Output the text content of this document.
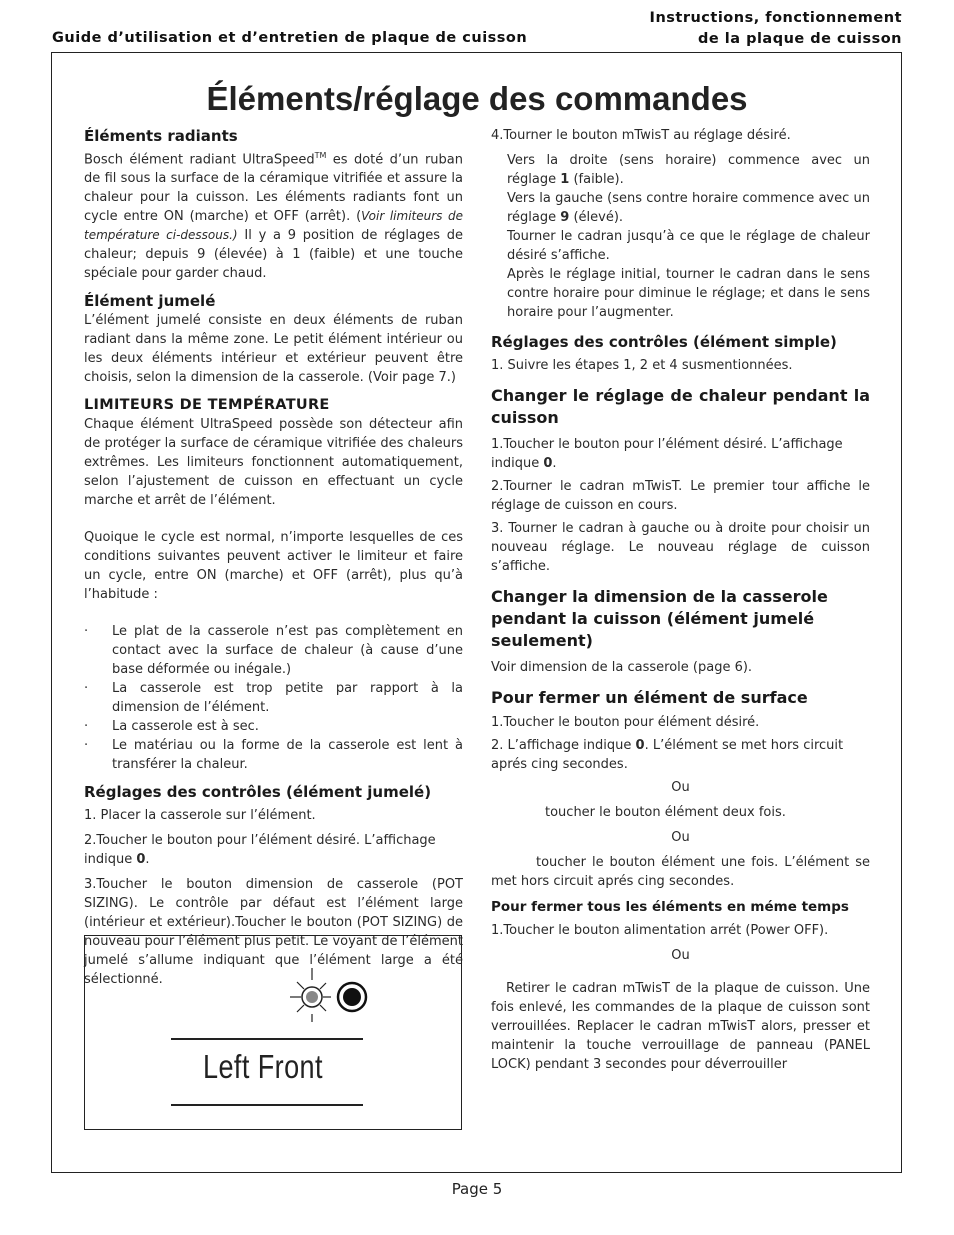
Guide d’utilisation et d’entretien de plaque de cuisson
Instructions, fonctionnement
de la plaque de cuisson
Éléments/réglage des commandes

Éléments radiants

Bosch élément radiant UltraSpeed™ es doté d’un ruban de fil sous la surface de la céramique vitrifiée et assure la chaleur pour la cuisson. Les éléments radiants font un cycle entre ON (marche) et OFF (arrêt). (Voir limiteurs de température ci-dessous.) Il y a 9 position de réglages de chaleur; depuis 9 (élevée) à 1 (faible) et une touche spéciale pour garder chaud.

Élément jumelé

L’élément jumelé consiste en deux éléments de ruban radiant dans la même zone. Le petit élément intérieur ou les deux éléments intérieur et extérieur peuvent être choisis, selon la dimension de la casserole. (Voir page 7.)

LIMITEURS DE TEMPÉRATURE

Chaque élément UltraSpeed possède son détecteur afin de protéger la surface de céramique vitrifiée des chaleurs extrêmes. Les limiteurs fonctionnent automatiquement, selon l’ajustement de cuisson en effectuant un cycle marche et arrêt de l’élément.

Quoique le cycle est normal, n’importe lesquelles de ces conditions suivantes peuvent activer le limiteur et faire un cycle, entre ON (marche) et OFF (arrêt), plus qu’à l’habitude :

· Le plat de la casserole n’est pas complètement en contact avec la surface de chaleur (à cause d’une base déformée ou inégale.)

· La casserole est trop petite par rapport à la dimension de l’élément.

· La casserole est à sec.

· Le matériau ou la forme de la casserole est lent à transférer la chaleur.

Réglages des contrôles (élément jumelé)

1. Placer la casserole sur l’élément.

2.Toucher le bouton pour l’élément désiré. L’affichage indique 0.

3.Toucher le bouton dimension de casserole (POT SIZING). Le contrôle par défaut est l’élément large (intérieur et extérieur).Toucher le bouton (POT SIZING) de nouveau pour l’élément plus petit. Le voyant de l’élément jumelé s’allume indiquant que l’élément large a été sélectionné.

Left Front

4.Tourner le bouton mTwisT au réglage désiré.

Vers la droite (sens horaire) commence avec un réglage 1 (faible).

Vers la gauche (sens contre horaire commence avec un réglage 9 (élevé).

Tourner le cadran jusqu’à ce que le réglage de chaleur désiré s’affiche.

Après le réglage initial, tourner le cadran dans le sens contre horaire pour diminue le réglage; et dans le sens horaire pour l’augmenter.

Réglages des contrôles (élément simple)

1. Suivre les étapes 1, 2 et 4 susmentionnées.

Changer le réglage de chaleur pendant la cuisson

1.Toucher le bouton pour l’élément désiré. L’affichage indique 0.

2.Tourner le cadran mTwisT. Le premier tour affiche le réglage de cuisson en cours.

3. Tourner le cadran à gauche ou à droite pour choisir un nouveau réglage. Le nouveau réglage de cuisson s’affiche.

Changer la dimension de la casserole pendant la cuisson (élément jumelé seulement)

Voir dimension de la casserole (page 6).

Pour fermer un élément de surface

1.Toucher le bouton pour élément désiré.

2. L’affichage indique 0. L’élément se met hors circuit aprés cing secondes.

Ou

toucher le bouton élément deux fois.

Ou

toucher le bouton élément une fois. L’élément se met hors circuit aprés cing secondes.

Pour fermer tous les éléments en méme temps

1.Toucher le bouton alimentation arrét (Power OFF).

Ou

Retirer le cadran mTwisT de la plaque de cuisson. Une fois enlevé, les commandes de la plaque de cuisson sont verrouillées. Replacer le cadran mTwisT alors, presser et maintenir la touche verrouillage de panneau (PANEL LOCK) pendant 3 secondes pour déverrouiller

Page 5
